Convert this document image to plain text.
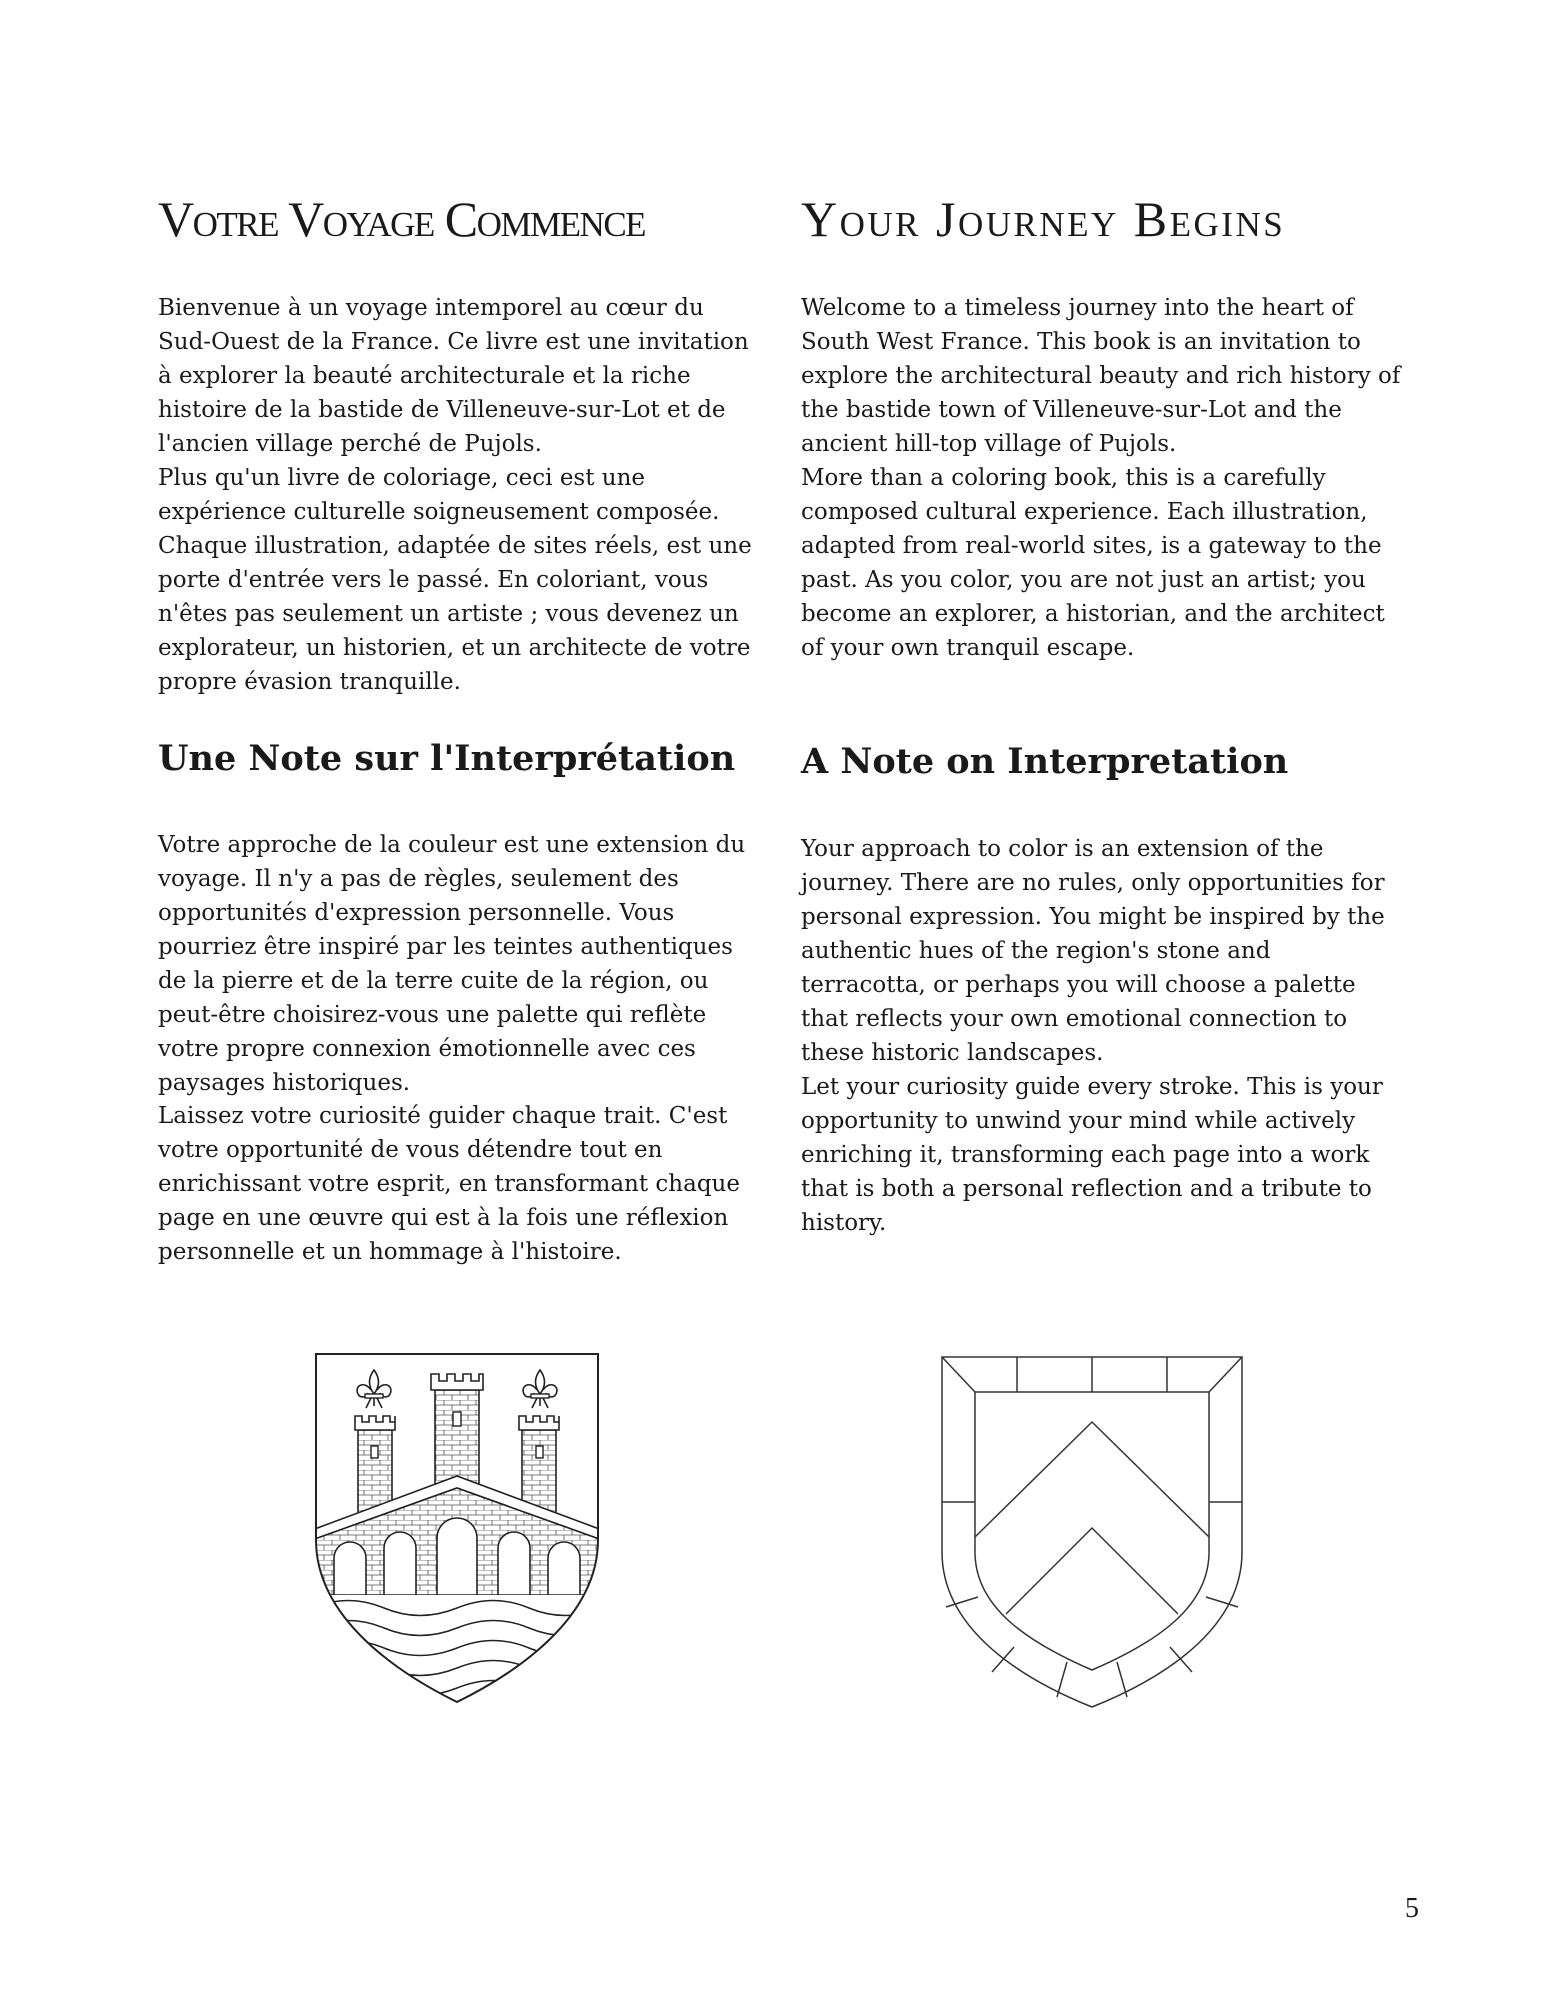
Votre Voyage Commence

Bienvenue à un voyage intemporel au cœur du Sud-Ouest de la France. Ce livre est une invitation à explorer la beauté architecturale et la riche histoire de la bastide de Villeneuve-sur-Lot et de l'ancien village perché de Pujols.

Plus qu'un livre de coloriage, ceci est une expérience culturelle soigneusement composée. Chaque illustration, adaptée de sites réels, est une porte d'entrée vers le passé. En coloriant, vous n'êtes pas seulement un artiste ; vous devenez un explorateur, un historien, et un architecte de votre propre évasion tranquille.

Une Note sur l'Interprétation

Votre approche de la couleur est une extension du voyage. Il n'y a pas de règles, seulement des opportunités d'expression personnelle. Vous pourriez être inspiré par les teintes authentiques de la pierre et de la terre cuite de la région, ou peut-être choisirez-vous une palette qui reflète votre propre connexion émotionnelle avec ces paysages historiques.

Laissez votre curiosité guider chaque trait. C'est votre opportunité de vous détendre tout en enrichissant votre esprit, en transformant chaque page en une œuvre qui est à la fois une réflexion personnelle et un hommage à l'histoire.

Your Journey Begins

Welcome to a timeless journey into the heart of South West France. This book is an invitation to explore the architectural beauty and rich history of the bastide town of Villeneuve-sur-Lot and the ancient hill-top village of Pujols.

More than a coloring book, this is a carefully composed cultural experience. Each illustration, adapted from real-world sites, is a gateway to the past. As you color, you are not just an artist; you become an explorer, a historian, and the architect of your own tranquil escape.

A Note on Interpretation

Your approach to color is an extension of the journey. There are no rules, only opportunities for personal expression. You might be inspired by the authentic hues of the region's stone and terracotta, or perhaps you will choose a palette that reflects your own emotional connection to these historic landscapes.

Let your curiosity guide every stroke. This is your opportunity to unwind your mind while actively enriching it, transforming each page into a work that is both a personal reflection and a tribute to history.

5
